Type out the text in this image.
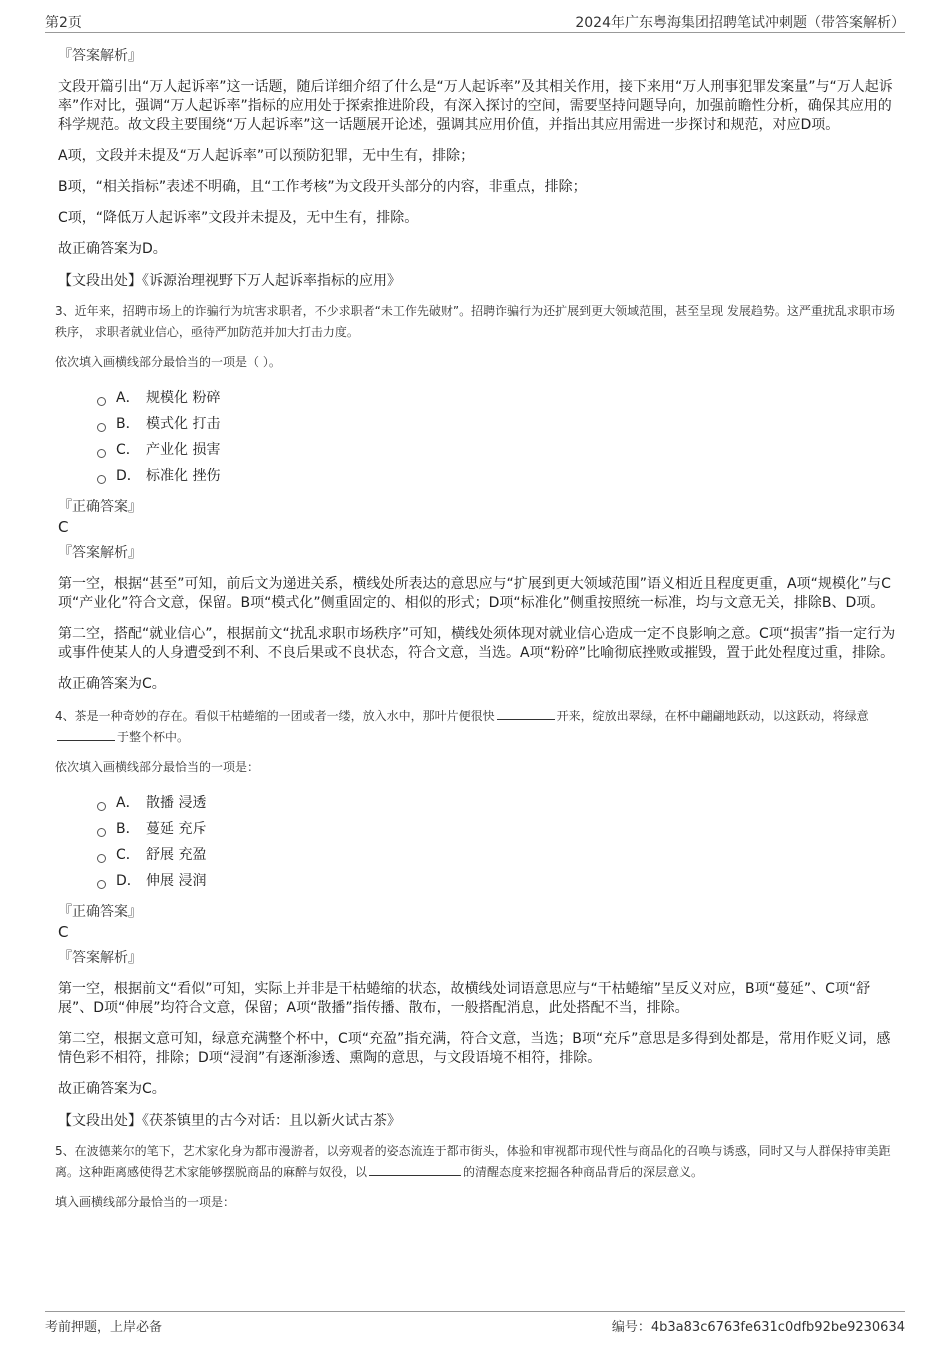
第2页	2024年广东粤海集团招聘笔试冲刺题（带答案解析）
『答案解析』

文段开篇引出“万人起诉率”这一话题，随后详细介绍了什么是“万人起诉率”及其相关作用，接下来用“万人刑事犯罪发案量”与“万人起诉率”作对比，强调“万人起诉率”指标的应用处于探索推进阶段，有深入探讨的空间，需要坚持问题导向，加强前瞻性分析，确保其应用的科学规范。故文段主要围绕“万人起诉率”这一话题展开论述，强调其应用价值，并指出其应用需进一步探讨和规范，对应D项。

A项，文段并未提及“万人起诉率”可以预防犯罪，无中生有，排除；

B项，“相关指标”表述不明确，且“工作考核”为文段开头部分的内容，非重点，排除；

C项，“降低万人起诉率”文段并未提及，无中生有，排除。

故正确答案为D。

【文段出处】《诉源治理视野下万人起诉率指标的应用》

3、近年来，招聘市场上的诈骗行为坑害求职者，不少求职者“未工作先破财”。招聘诈骗行为还扩展到更大领域范围，甚至呈现 发展趋势。这严重扰乱求职市场秩序， 求职者就业信心，亟待严加防范并加大打击力度。

依次填入画横线部分最恰当的一项是（ ）。

A． 规模化 粉碎
B． 模式化 打击
C． 产业化 损害
D． 标准化 挫伤
『正确答案』
C
『答案解析』

第一空，根据“甚至”可知，前后文为递进关系，横线处所表达的意思应与“扩展到更大领域范围”语义相近且程度更重，A项“规模化”与C项“产业化”符合文意，保留。B项“模式化”侧重固定的、相似的形式；D项“标准化”侧重按照统一标准，均与文意无关，排除B、D项。

第二空，搭配“就业信心”，根据前文“扰乱求职市场秩序”可知，横线处须体现对就业信心造成一定不良影响之意。C项“损害”指一定行为或事件使某人的人身遭受到不利、不良后果或不良状态，符合文意，当选。A项“粉碎”比喻彻底挫败或摧毁，置于此处程度过重，排除。

故正确答案为C。

4、茶是一种奇妙的存在。看似干枯蜷缩的一团或者一缕，放入水中，那叶片便很快	开来，绽放出翠绿，在杯中翩翩地跃动，以这跃动，将绿意于整个杯中。

依次填入画横线部分最恰当的一项是：

A． 散播 浸透
B． 蔓延 充斥
C． 舒展 充盈
D． 伸展 浸润
『正确答案』
C
『答案解析』

第一空，根据前文“看似”可知，实际上并非是干枯蜷缩的状态，故横线处词语意思应与“干枯蜷缩”呈反义对应，B项“蔓延”、C项“舒展”、D项“伸展”均符合文意，保留；A项“散播”指传播、散布，一般搭配消息，此处搭配不当，排除。

第二空，根据文意可知，绿意充满整个杯中，C项“充盈”指充满，符合文意，当选；B项“充斥”意思是多得到处都是，常用作贬义词，感情色彩不相符，排除；D项“浸润”有逐渐渗透、熏陶的意思，与文段语境不相符，排除。

故正确答案为C。

【文段出处】《茯茶镇里的古今对话：且以新火试古茶》

5、在波德莱尔的笔下，艺术家化身为都市漫游者，以旁观者的姿态流连于都市街头，体验和审视都市现代性与商品化的召唤与诱惑，同时又与人群保持审美距离。这种距离感使得艺术家能够摆脱商品的麻醉与奴役，以	的清醒态度来挖掘各种商品背后的深层意义。

填入画横线部分最恰当的一项是：

考前押题，上岸必备	编号：4b3a83c6763fe631c0dfb92be9230634
